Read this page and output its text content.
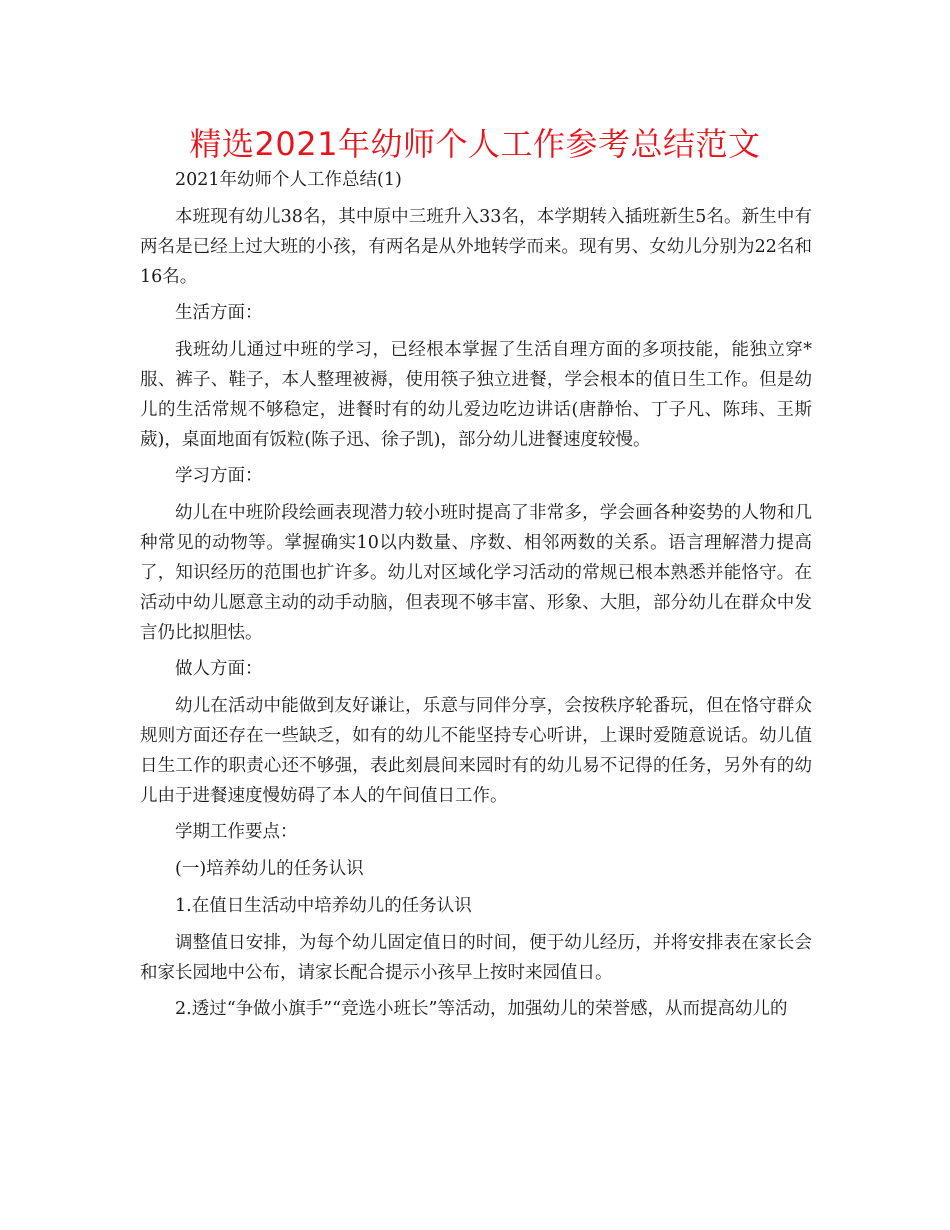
精选2021年幼师个人工作参考总结范文

2021年幼师个人工作总结(1)

本班现有幼儿38名，其中原中三班升入33名，本学期转入插班新生5名。新生中有两名是已经上过大班的小孩，有两名是从外地转学而来。现有男、女幼儿分别为22名和16名。

生活方面：

我班幼儿通过中班的学习，已经根本掌握了生活自理方面的多项技能，能独立穿*服、裤子、鞋子，本人整理被褥，使用筷子独立进餐，学会根本的值日生工作。但是幼儿的生活常规不够稳定，进餐时有的幼儿爱边吃边讲话(唐静怡、丁子凡、陈玮、王斯葳)，桌面地面有饭粒(陈子迅、徐子凯)，部分幼儿进餐速度较慢。

学习方面：

幼儿在中班阶段绘画表现潜力较小班时提高了非常多，学会画各种姿势的人物和几种常见的动物等。掌握确实10以内数量、序数、相邻两数的关系。语言理解潜力提高了，知识经历的范围也扩许多。幼儿对区域化学习活动的常规已根本熟悉并能恪守。在活动中幼儿愿意主动的动手动脑，但表现不够丰富、形象、大胆，部分幼儿在群众中发言仍比拟胆怯。

做人方面：

幼儿在活动中能做到友好谦让，乐意与同伴分享，会按秩序轮番玩，但在恪守群众规则方面还存在一些缺乏，如有的幼儿不能坚持专心听讲，上课时爱随意说话。幼儿值日生工作的职责心还不够强，表此刻晨间来园时有的幼儿易不记得的任务，另外有的幼儿由于进餐速度慢妨碍了本人的午间值日工作。

学期工作要点：

(一)培养幼儿的任务认识

1.在值日生活动中培养幼儿的任务认识

调整值日安排，为每个幼儿固定值日的时间，便于幼儿经历，并将安排表在家长会和家长园地中公布，请家长配合提示小孩早上按时来园值日。

2.透过“争做小旗手”“竞选小班长”等活动，加强幼儿的荣誉感，从而提高幼儿的
